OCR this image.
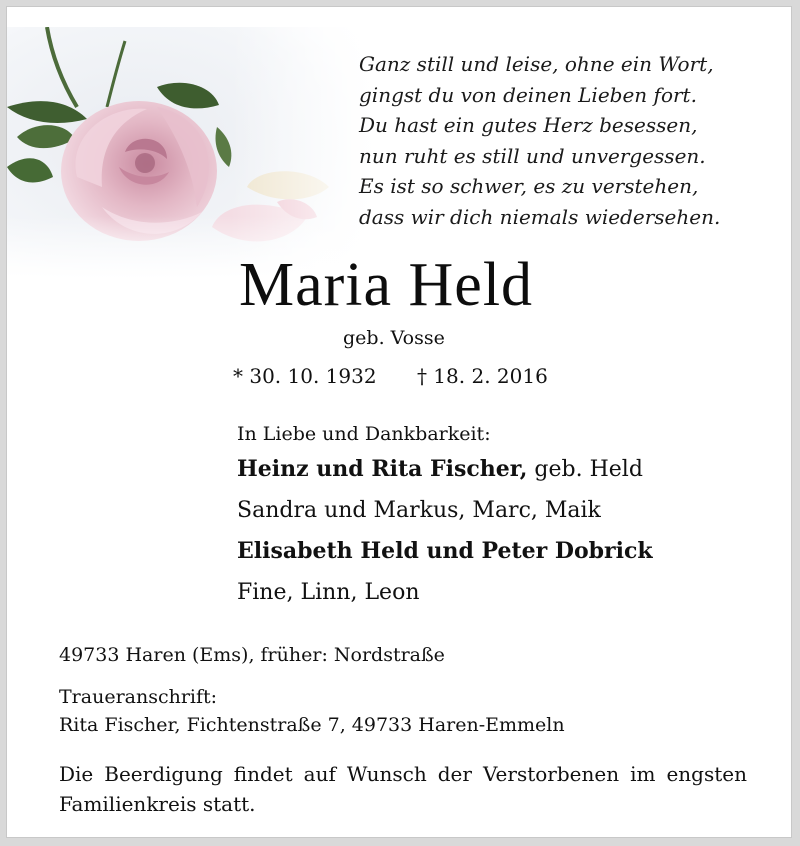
Ganz still und leise, ohne ein Wort,
gingst du von deinen Lieben fort.
Du hast ein gutes Herz besessen,
nun ruht es still und unvergessen.
Es ist so schwer, es zu verstehen,
dass wir dich niemals wiedersehen.
Maria Held
geb. Vosse
* 30. 10. 1932 † 18. 2. 2016
In Liebe und Dankbarkeit:
Heinz und Rita Fischer, geb. Held
Sandra und Markus, Marc, Maik
Elisabeth Held und Peter Dobrick
Fine, Linn, Leon
49733 Haren (Ems), früher: Nordstraße
Traueranschrift:
Rita Fischer, Fichtenstraße 7, 49733 Haren-Emmeln
Die Beerdigung findet auf Wunsch der Verstorbenen im engsten Familienkreis statt.
